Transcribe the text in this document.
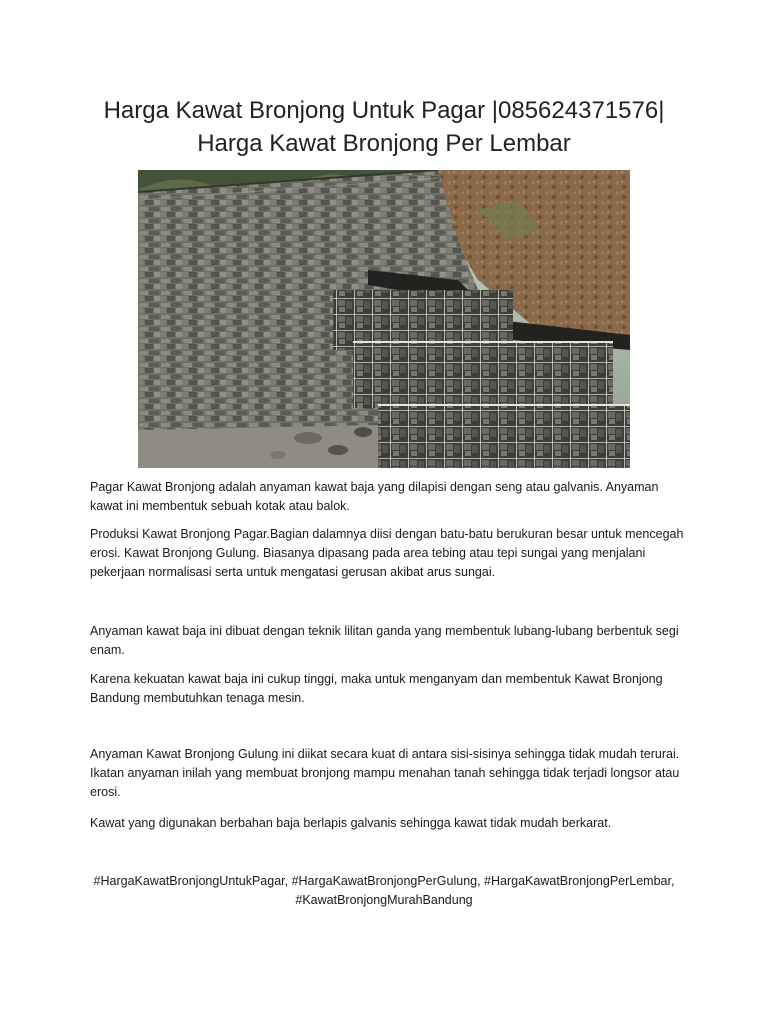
Harga Kawat Bronjong Untuk Pagar |085624371576|
Harga Kawat Bronjong Per Lembar

Pagar Kawat Bronjong adalah anyaman kawat baja yang dilapisi dengan seng atau galvanis. Anyaman kawat ini membentuk sebuah kotak atau balok.

Produksi Kawat Bronjong Pagar.Bagian dalamnya diisi dengan batu-batu berukuran besar untuk mencegah erosi. Kawat Bronjong Gulung. Biasanya dipasang pada area tebing atau tepi sungai yang menjalani pekerjaan normalisasi serta untuk mengatasi gerusan akibat arus sungai.

Anyaman kawat baja ini dibuat dengan teknik lilitan ganda yang membentuk lubang-lubang berbentuk segi enam.

Karena kekuatan kawat baja ini cukup tinggi, maka untuk menganyam dan membentuk Kawat Bronjong Bandung membutuhkan tenaga mesin.

Anyaman Kawat Bronjong Gulung ini diikat secara kuat di antara sisi-sisinya sehingga tidak mudah terurai. Ikatan anyaman inilah yang membuat bronjong mampu menahan tanah sehingga tidak terjadi longsor atau erosi.

Kawat yang digunakan berbahan baja berlapis galvanis sehingga kawat tidak mudah berkarat.

#HargaKawatBronjongUntukPagar, #HargaKawatBronjongPerGulung, #HargaKawatBronjongPerLembar,
#KawatBronjongMurahBandung
